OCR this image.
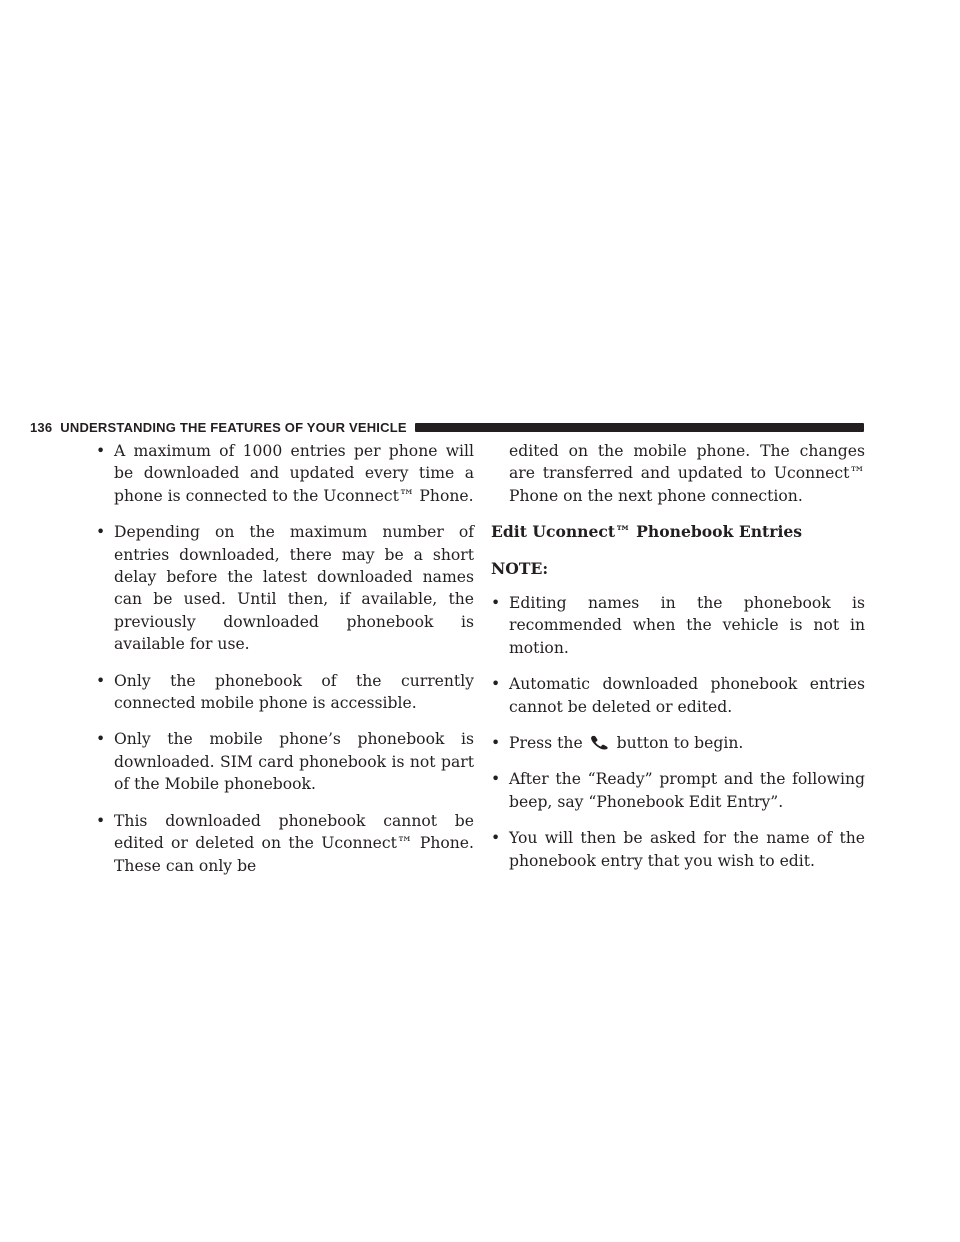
136 UNDERSTANDING THE FEATURES OF YOUR VEHICLE
• A maximum of 1000 entries per phone will be downloaded and updated every time a phone is connected to the Uconnect™ Phone.
• Depending on the maximum number of entries downloaded, there may be a short delay before the latest downloaded names can be used. Until then, if available, the previously downloaded phonebook is available for use.
• Only the phonebook of the currently connected mobile phone is accessible.
• Only the mobile phone’s phonebook is downloaded. SIM card phonebook is not part of the Mobile phonebook.
• This downloaded phonebook cannot be edited or deleted on the Uconnect™ Phone. These can only be

edited on the mobile phone. The changes are transferred and updated to Uconnect™ Phone on the next phone connection.

Edit Uconnect™ Phonebook Entries

NOTE:

• Editing names in the phonebook is recommended when the vehicle is not in motion.
• Automatic downloaded phonebook entries cannot be deleted or edited.
• Press the button to begin.
• After the “Ready” prompt and the following beep, say “Phonebook Edit Entry”.
• You will then be asked for the name of the phonebook entry that you wish to edit.
